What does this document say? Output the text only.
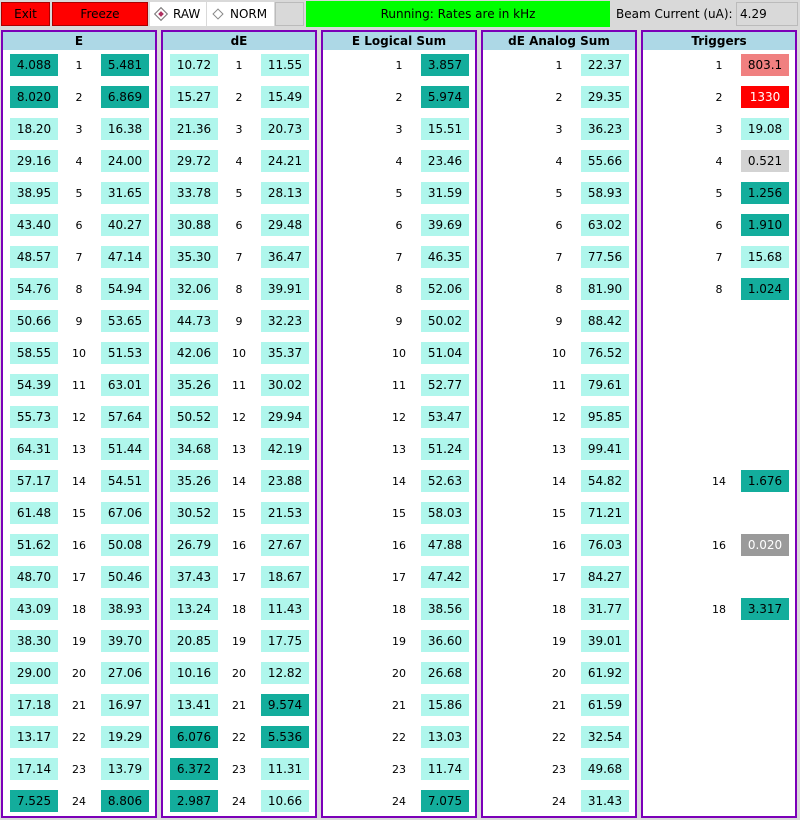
Exit	Freeze	RAW NORM	Running: Rates are in kHz	Beam Current (uA): 4.29
E
4.088	1	5.481
8.020	2	6.869
18.20	3	16.38
29.16	4	24.00
38.95	5	31.65
43.40	6	40.27
48.57	7	47.14
54.76	8	54.94
50.66	9	53.65
58.55	10	51.53
54.39	11	63.01
55.73	12	57.64
64.31	13	51.44
57.17	14	54.51
61.48	15	67.06
51.62	16	50.08
48.70	17	50.46
43.09	18	38.93
38.30	19	39.70
29.00	20	27.06
17.18	21	16.97
13.17	22	19.29
17.14	23	13.79
7.525	24	8.806
dE
10.72	1	11.55
15.27	2	15.49
21.36	3	20.73
29.72	4	24.21
33.78	5	28.13
30.88	6	29.48
35.30	7	36.47
32.06	8	39.91
44.73	9	32.23
42.06	10	35.37
35.26	11	30.02
50.52	12	29.94
34.68	13	42.19
35.26	14	23.88
30.52	15	21.53
26.79	16	27.67
37.43	17	18.67
13.24	18	11.43
20.85	19	17.75
10.16	20	12.82
13.41	21	9.574
6.076	22	5.536
6.372	23	11.31
2.987	24	10.66
E Logical Sum
1	3.857
2	5.974
3	15.51
4	23.46
5	31.59
6	39.69
7	46.35
8	52.06
9	50.02
10	51.04
11	52.77
12	53.47
13	51.24
14	52.63
15	58.03
16	47.88
17	47.42
18	38.56
19	36.60
20	26.68
21	15.86
22	13.03
23	11.74
24	7.075
dE Analog Sum
1	22.37
2	29.35
3	36.23
4	55.66
5	58.93
6	63.02
7	77.56
8	81.90
9	88.42
10	76.52
11	79.61
12	95.85
13	99.41
14	54.82
15	71.21
16	76.03
17	84.27
18	31.77
19	39.01
20	61.92
21	61.59
22	32.54
23	49.68
24	31.43
Triggers
1	803.1
2	1330
3	19.08
4	0.521
5	1.256
6	1.910
7	15.68
8	1.024
14	1.676
16	0.020
18	3.317
